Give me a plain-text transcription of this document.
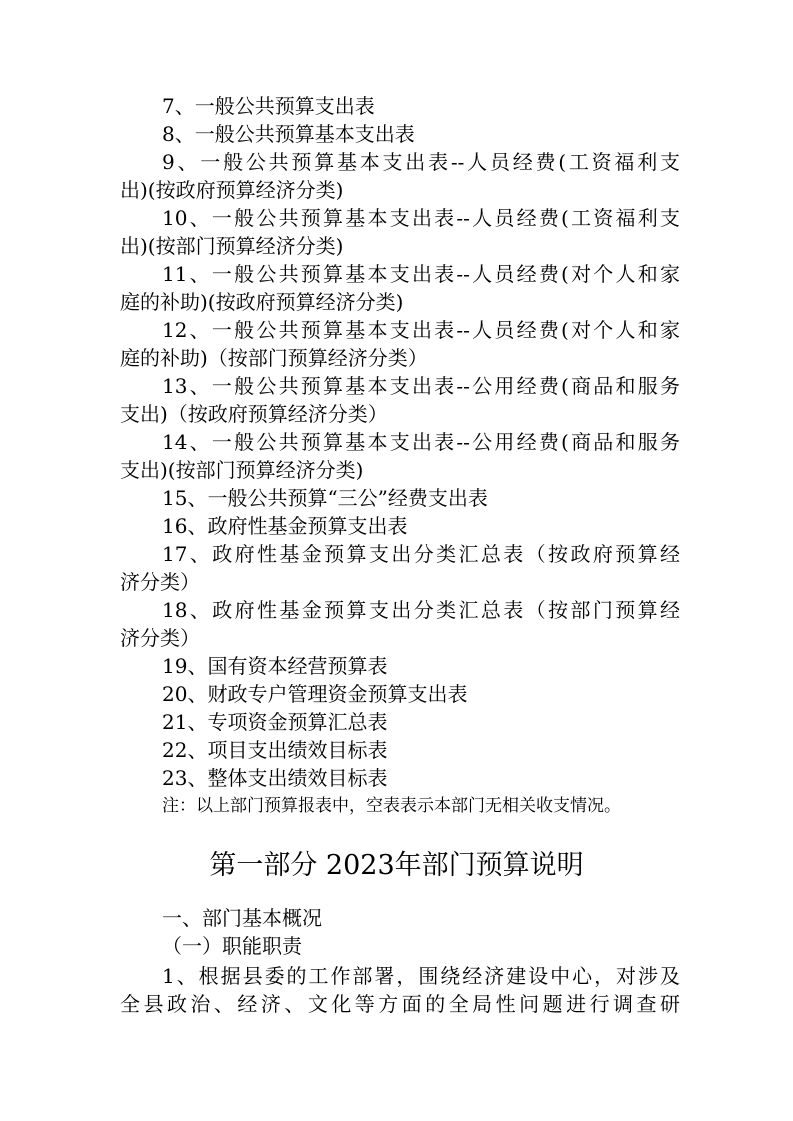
7、一般公共预算支出表
8、一般公共预算基本支出表
9、一般公共预算基本支出表--人员经费(工资福利支
出)(按政府预算经济分类)
10、一般公共预算基本支出表--人员经费(工资福利支
出)(按部门预算经济分类)
11、一般公共预算基本支出表--人员经费(对个人和家
庭的补助)(按政府预算经济分类)
12、一般公共预算基本支出表--人员经费(对个人和家
庭的补助)（按部门预算经济分类）
13、一般公共预算基本支出表--公用经费(商品和服务
支出)（按政府预算经济分类）
14、一般公共预算基本支出表--公用经费(商品和服务
支出)(按部门预算经济分类)
15、一般公共预算“三公”经费支出表
16、政府性基金预算支出表
17、政府性基金预算支出分类汇总表（按政府预算经
济分类）
18、政府性基金预算支出分类汇总表（按部门预算经
济分类）
19、国有资本经营预算表
20、财政专户管理资金预算支出表
21、专项资金预算汇总表
22、项目支出绩效目标表
23、整体支出绩效目标表
注：以上部门预算报表中，空表表示本部门无相关收支情况。
第一部分 2023年部门预算说明
一、部门基本概况
（一）职能职责
1、根据县委的工作部署，围绕经济建设中心，对涉及
全县政治、经济、文化等方面的全局性问题进行调查研
